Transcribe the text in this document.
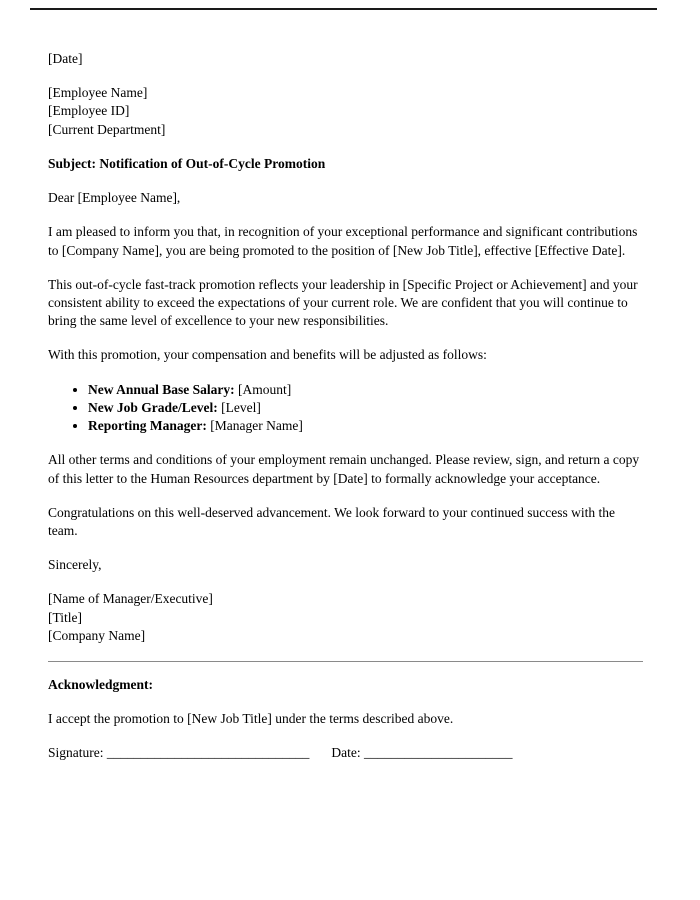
[Date]

[Employee Name]
[Employee ID]
[Current Department]

Subject: Notification of Out-of-Cycle Promotion

Dear [Employee Name],

I am pleased to inform you that, in recognition of your exceptional performance and significant contributions to [Company Name], you are being promoted to the position of [New Job Title], effective [Effective Date].

This out-of-cycle fast-track promotion reflects your leadership in [Specific Project or Achievement] and your consistent ability to exceed the expectations of your current role. We are confident that you will continue to bring the same level of excellence to your new responsibilities.

With this promotion, your compensation and benefits will be adjusted as follows:

• New Annual Base Salary: [Amount]
• New Job Grade/Level: [Level]
• Reporting Manager: [Manager Name]

All other terms and conditions of your employment remain unchanged. Please review, sign, and return a copy of this letter to the Human Resources department by [Date] to formally acknowledge your acceptance.

Congratulations on this well-deserved advancement. We look forward to your continued success with the team.

Sincerely,

[Name of Manager/Executive]
[Title]
[Company Name]

Acknowledgment:

I accept the promotion to [New Job Title] under the terms described above.

Signature: ______________________________ Date: ______________________
